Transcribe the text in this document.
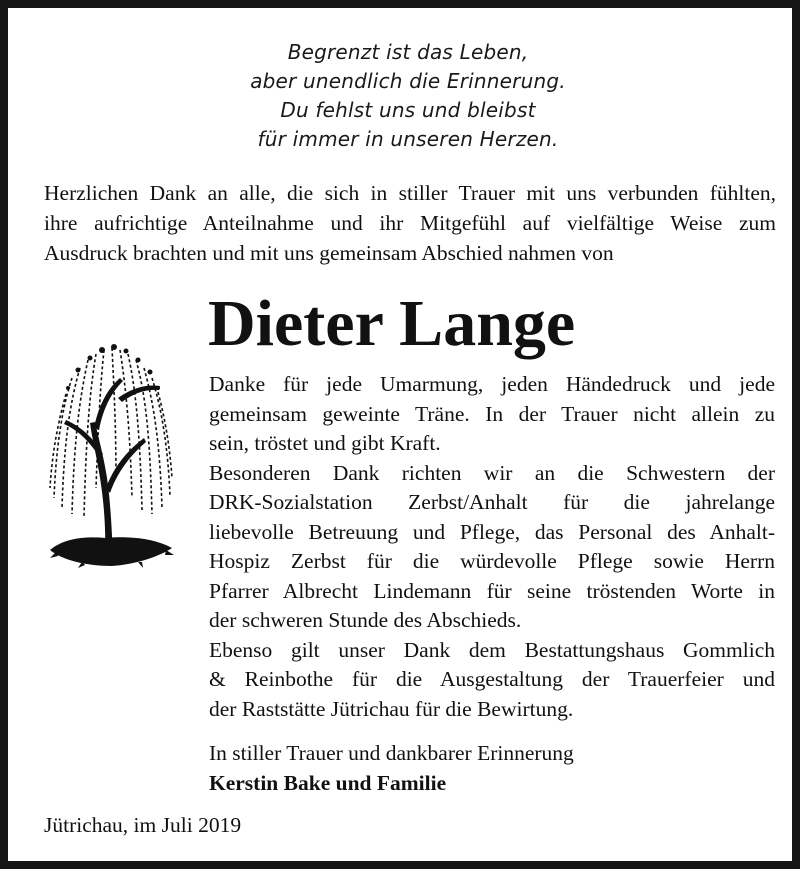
Begrenzt ist das Leben,
aber unendlich die Erinnerung.
Du fehlst uns und bleibst
für immer in unseren Herzen.
Herzlichen Dank an alle, die sich in stiller Trauer mit uns verbunden fühlten,
ihre aufrichtige Anteilnahme und ihr Mitgefühl auf vielfältige Weise zum
Ausdruck brachten und mit uns gemeinsam Abschied nahmen von
Dieter Lange
Danke für jede Umarmung, jeden Händedruck und jede
gemeinsam geweinte Träne. In der Trauer nicht allein zu
sein, tröstet und gibt Kraft.
Besonderen Dank richten wir an die Schwestern der
DRK-Sozialstation Zerbst/Anhalt für die jahrelange
liebevolle Betreuung und Pflege, das Personal des Anhalt-
Hospiz Zerbst für die würdevolle Pflege sowie Herrn
Pfarrer Albrecht Lindemann für seine tröstenden Worte in
der schweren Stunde des Abschieds.
Ebenso gilt unser Dank dem Bestattungshaus Gommlich
& Reinbothe für die Ausgestaltung der Trauerfeier und
der Raststätte Jütrichau für die Bewirtung.
In stiller Trauer und dankbarer Erinnerung
Kerstin Bake und Familie
Jütrichau, im Juli 2019
